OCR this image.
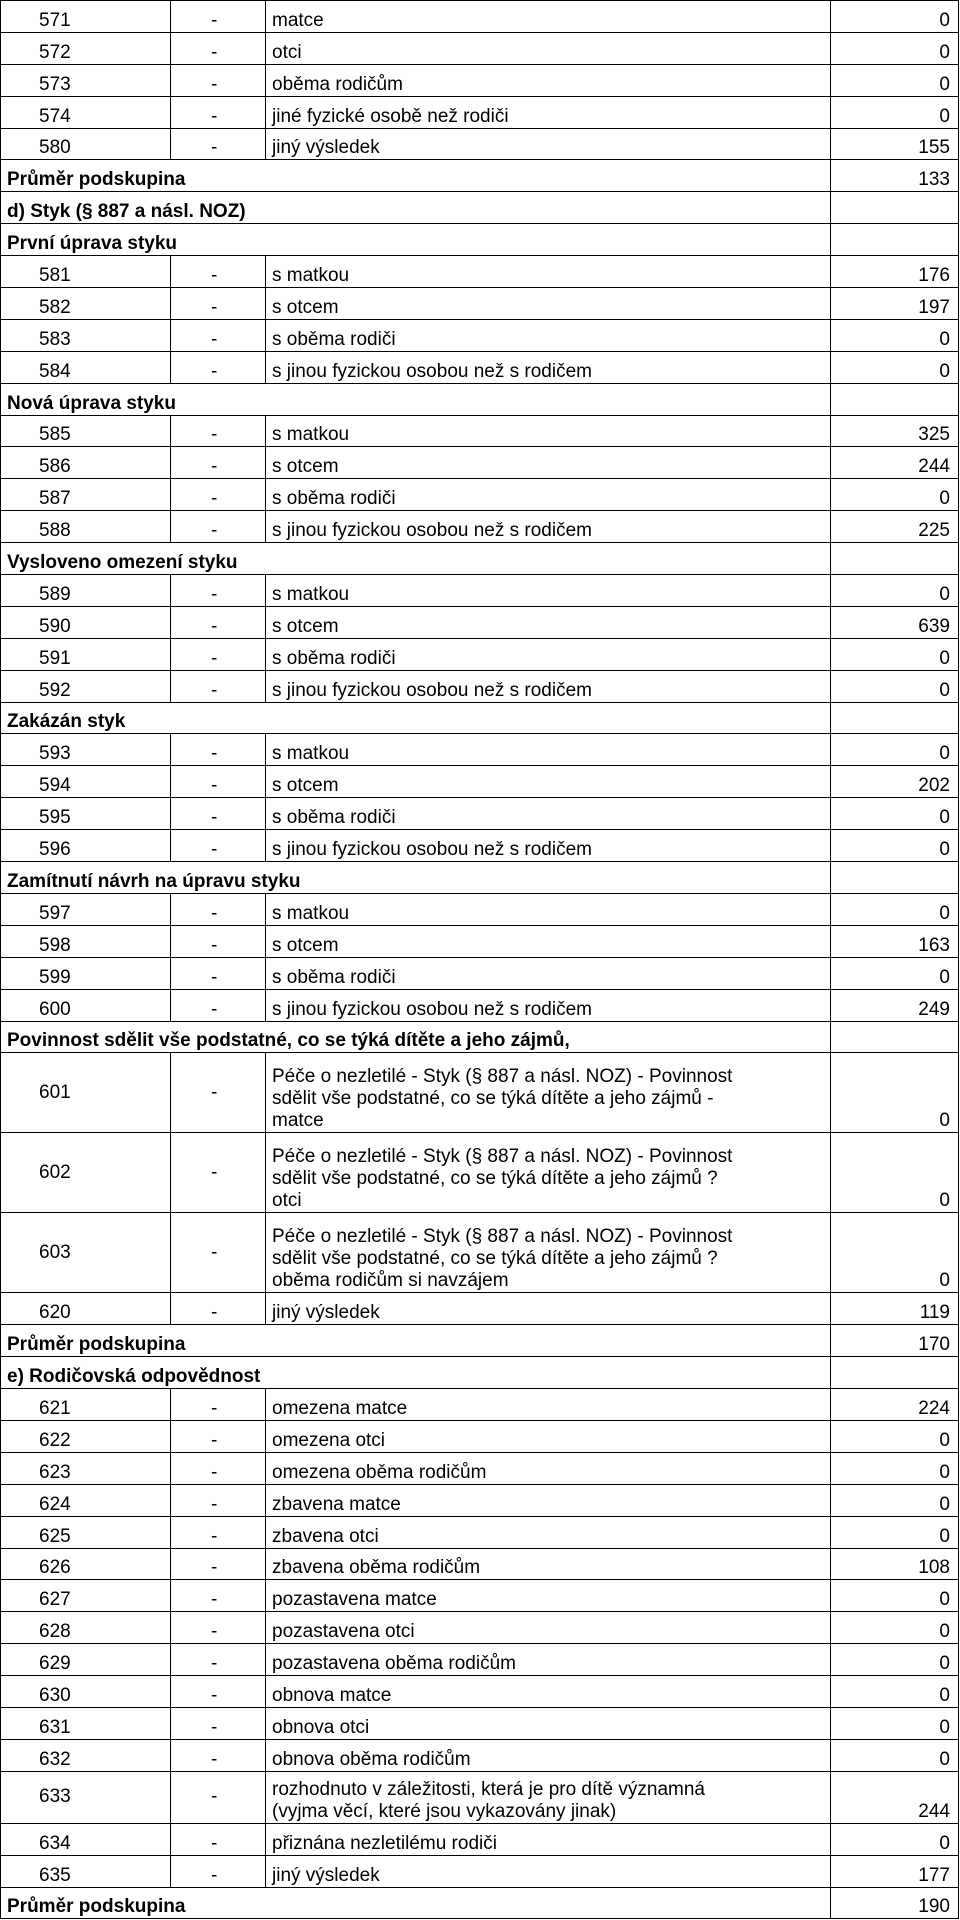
571	-	matce	0
572	-	otci	0
573	-	oběma rodičům	0
574	-	jiné fyzické osobě než rodiči	0
580	-	jiný výsledek	155
Průměr podskupina			133
d) Styk (§ 887 a násl. NOZ)			
První úprava styku			
581	-	s matkou	176
582	-	s otcem	197
583	-	s oběma rodiči	0
584	-	s jinou fyzickou osobou než s rodičem	0
Nová úprava styku			
585	-	s matkou	325
586	-	s otcem	244
587	-	s oběma rodiči	0
588	-	s jinou fyzickou osobou než s rodičem	225
Vysloveno omezení styku			
589	-	s matkou	0
590	-	s otcem	639
591	-	s oběma rodiči	0
592	-	s jinou fyzickou osobou než s rodičem	0
Zakázán styk			
593	-	s matkou	0
594	-	s otcem	202
595	-	s oběma rodiči	0
596	-	s jinou fyzickou osobou než s rodičem	0
Zamítnutí návrh na úpravu styku			
597	-	s matkou	0
598	-	s otcem	163
599	-	s oběma rodiči	0
600	-	s jinou fyzickou osobou než s rodičem	249
Povinnost sdělit vše podstatné, co se týká dítěte a jeho zájmů,			
601	-	Péče o nezletilé - Styk (§ 887 a násl. NOZ) - Povinnost
sdělit vše podstatné, co se týká dítěte a jeho zájmů -
matce	0
602	-	Péče o nezletilé - Styk (§ 887 a násl. NOZ) - Povinnost
sdělit vše podstatné, co se týká dítěte a jeho zájmů ?
otci	0
603	-	Péče o nezletilé - Styk (§ 887 a násl. NOZ) - Povinnost
sdělit vše podstatné, co se týká dítěte a jeho zájmů ?
oběma rodičům si navzájem	0
620	-	jiný výsledek	119
Průměr podskupina			170
e) Rodičovská odpovědnost			
621	-	omezena matce	224
622	-	omezena otci	0
623	-	omezena oběma rodičům	0
624	-	zbavena matce	0
625	-	zbavena otci	0
626	-	zbavena oběma rodičům	108
627	-	pozastavena matce	0
628	-	pozastavena otci	0
629	-	pozastavena oběma rodičům	0
630	-	obnova matce	0
631	-	obnova otci	0
632	-	obnova oběma rodičům	0
633	-	rozhodnuto v záležitosti, která je pro dítě významná
(vyjma věcí, které jsou vykazovány jinak)	244
634	-	přiznána nezletilému rodiči	0
635	-	jiný výsledek	177
Průměr podskupina			190
